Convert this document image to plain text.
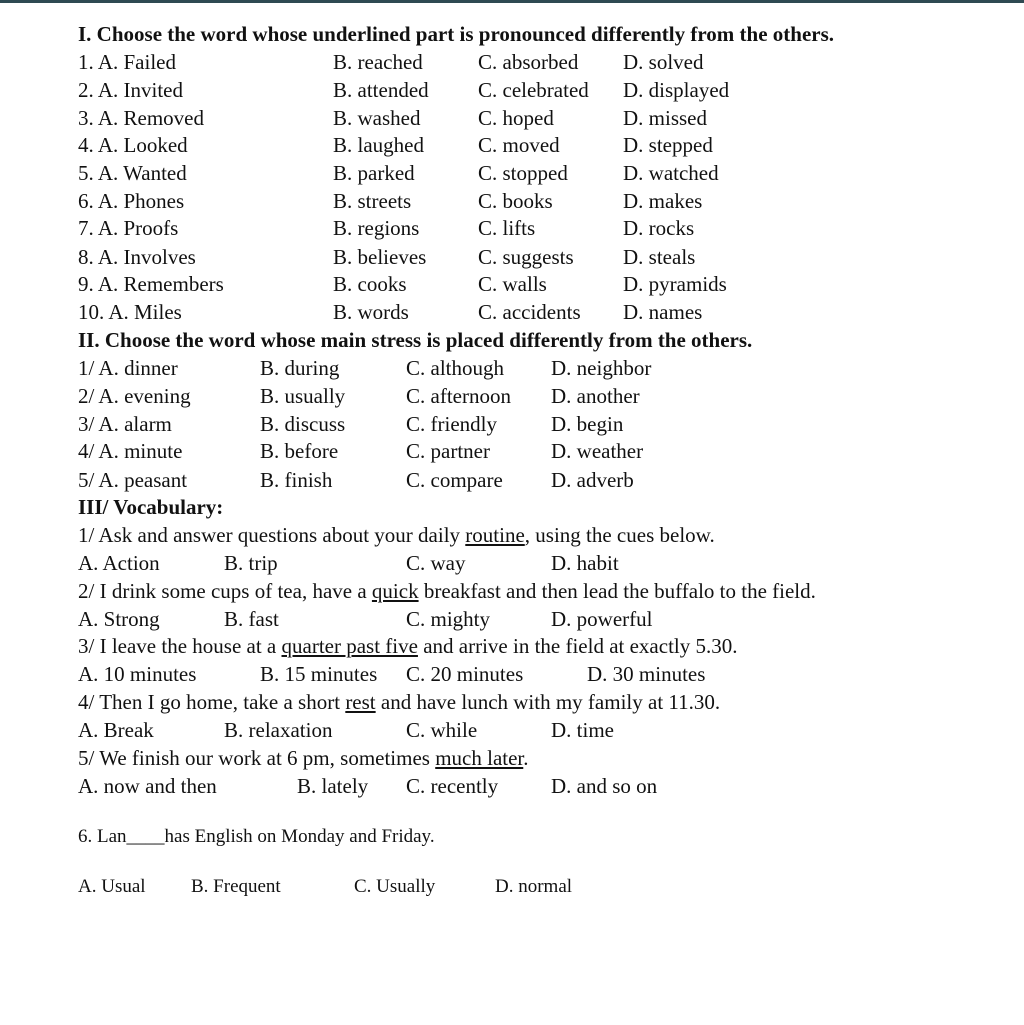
I. Choose the word whose underlined part is pronounced differently from the others.
1. A. Failed	B. reached	C. absorbed D. solved
2. A. Invited	B. attended C. celebrated D. displayed
3. A. Removed	B. washed	C. hoped	D. missed
4. A. Looked	B. laughed	C. moved	D. stepped
5. A. Wanted	B. parked	C. stopped	D. watched
6. A. Phones	B. streets	C. books	D. makes
7. A. Proofs	B. regions	C. lifts	D. rocks
8. A. Involves	B. believes C. suggests D. steals
9. A. Remembers	B. cooks	C. walls	D. pyramids
10. A. Miles	B. words	C. accidents D. names
II. Choose the word whose main stress is placed differently from the others.
1/ A. dinner	B. during	C. although D. neighbor
2/ A. evening	B. usually	C. afternoon D. another
3/ A. alarm	B. discuss	C. friendly	D. begin
4/ A. minute	B. before	C. partner	D. weather
5/ A. peasant	B. finish	C. compare D. adverb
III/ Vocabulary:
1/ Ask and answer questions about your daily routine, using the cues below.
A. Action	B. trip	C. way	D. habit
2/ I drink some cups of tea, have a quick breakfast and then lead the buffalo to the field.
A. Strong	B. fast	C. mighty	D. powerful
3/ I leave the house at a quarter past five and arrive in the field at exactly 5.30.
A. 10 minutes	B. 15 minutes C. 20 minutes	D. 30 minutes
4/ Then I go home, take a short rest and have lunch with my family at 11.30.
A. Break	B. relaxation	C. while	D. time
5/ We finish our work at 6 pm, sometimes much later.
A. now and then	B. lately C. recently	D. and so on
6. Lan____has English on Monday and Friday.
A. Usual B. Frequent	C. Usually	D. normal
